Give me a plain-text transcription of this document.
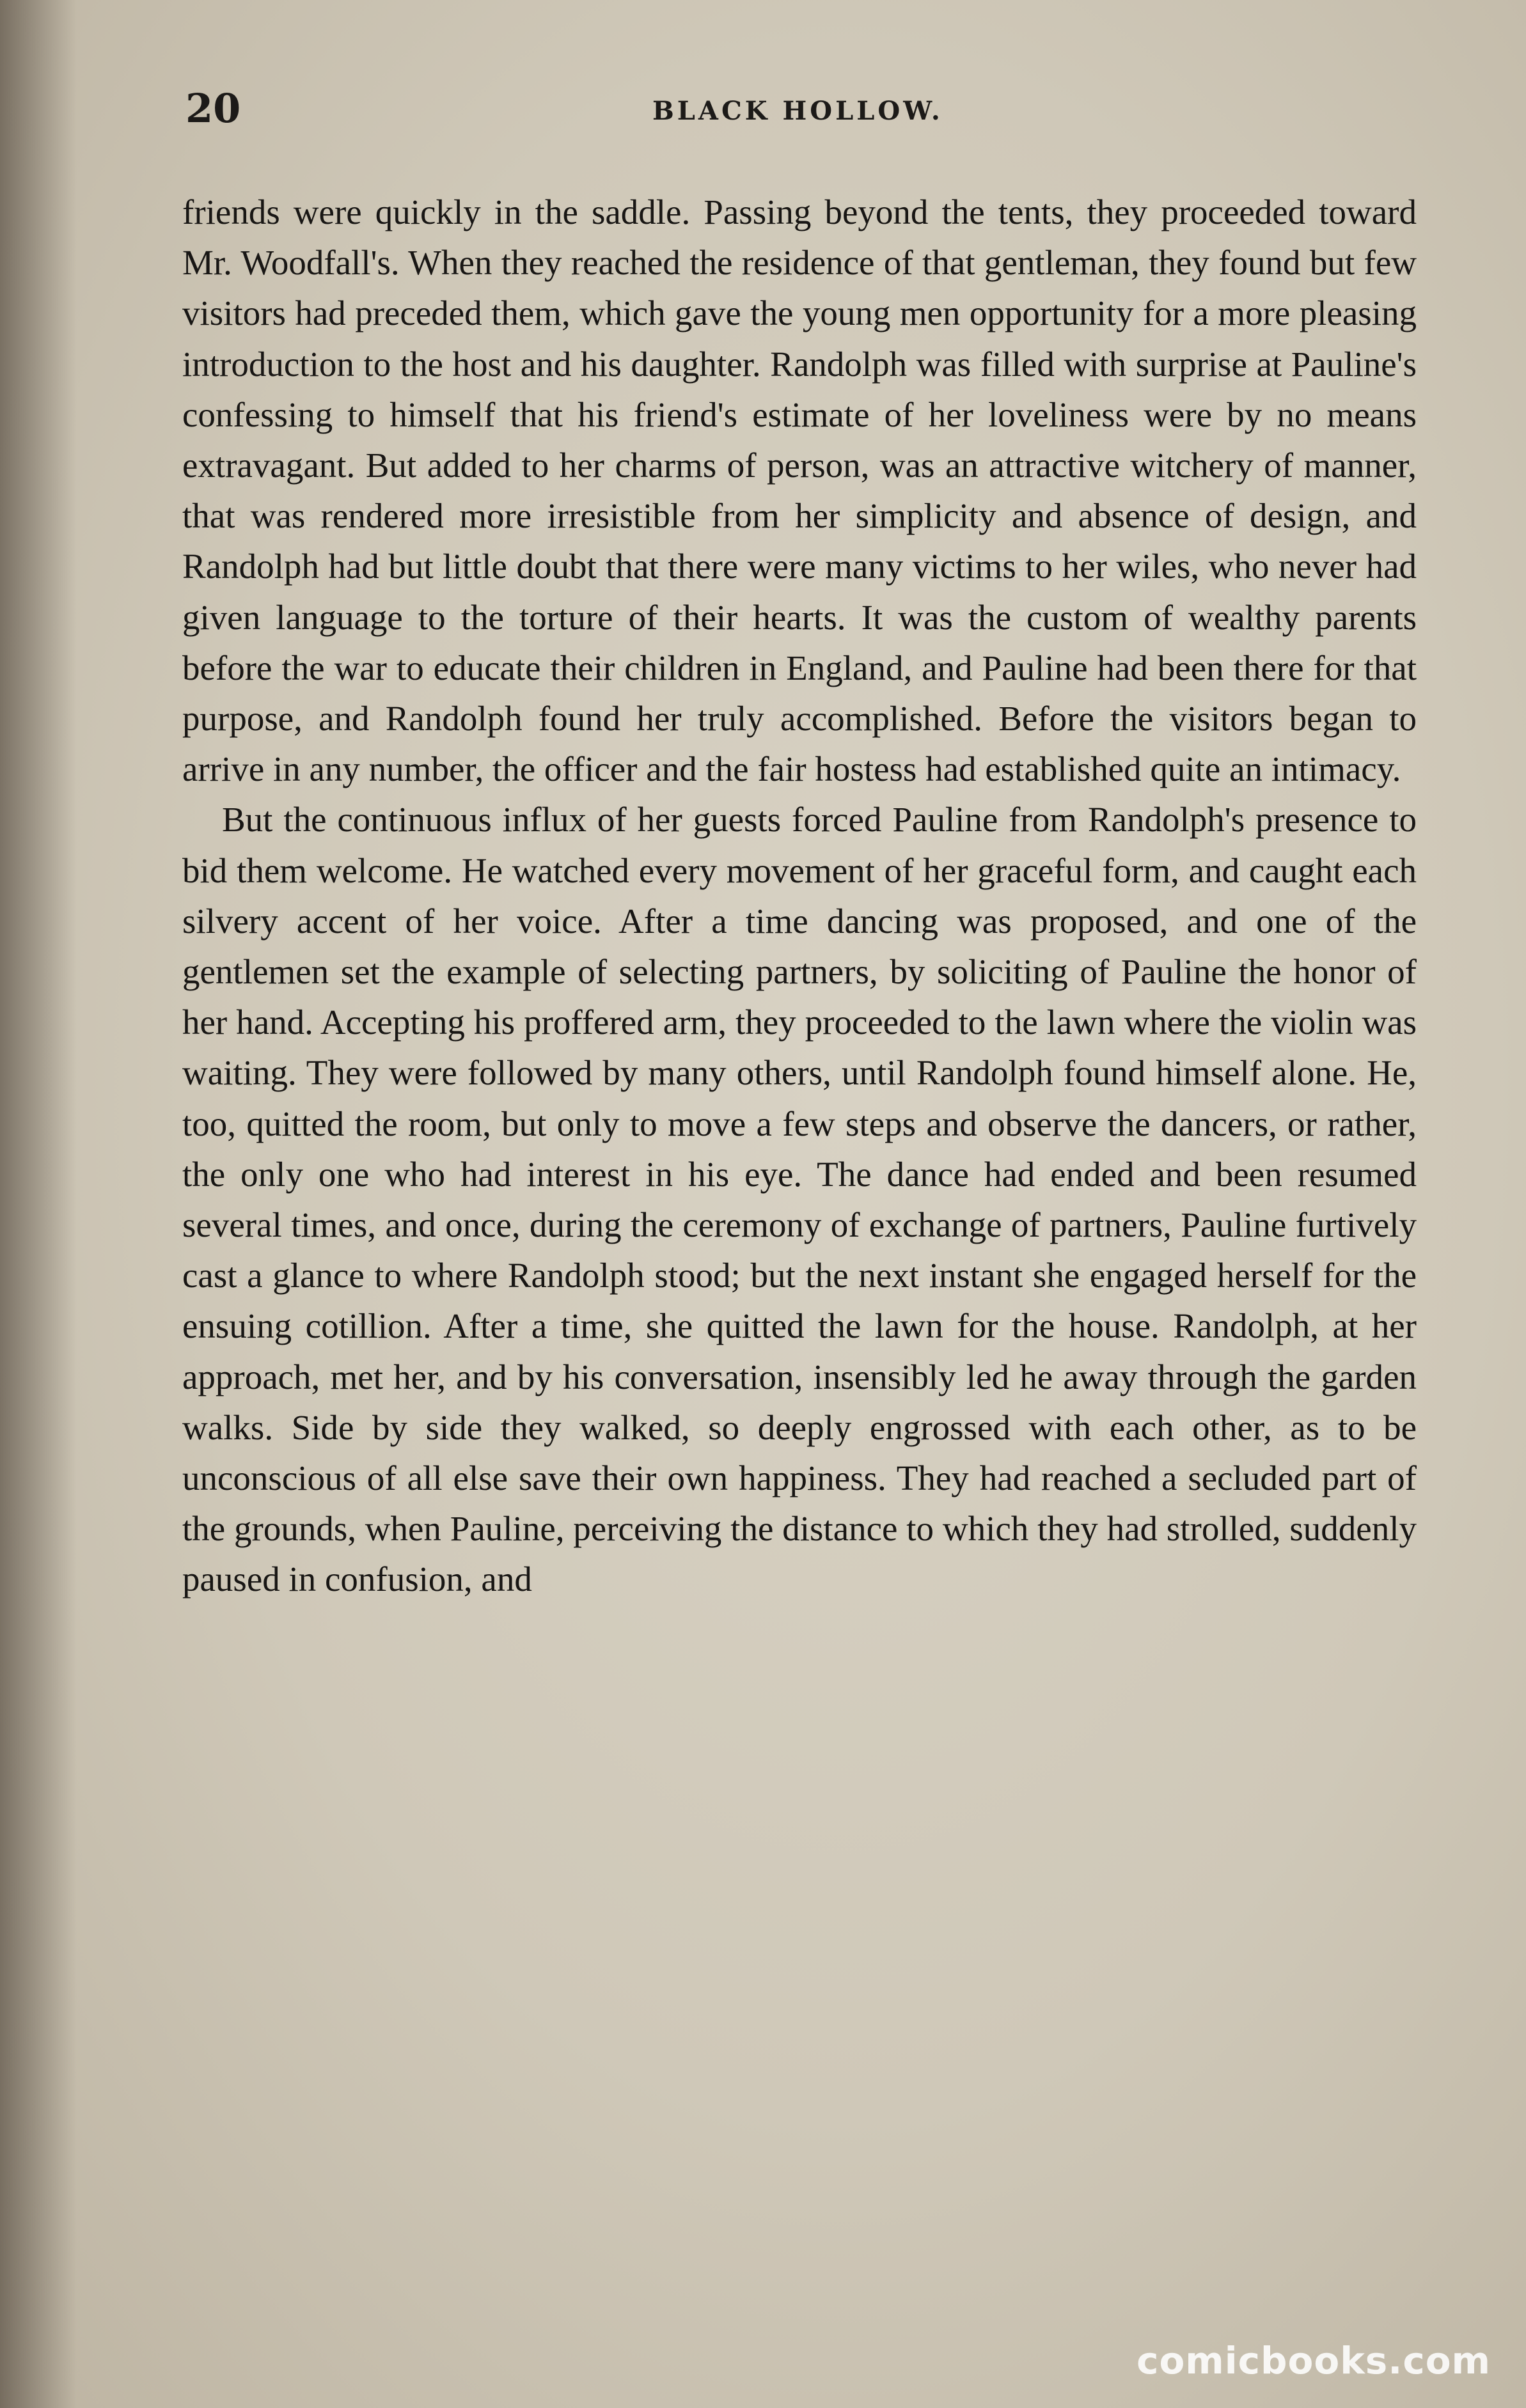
20	BLACK HOLLOW.

friends were quickly in the saddle. Passing beyond the tents, they proceeded toward Mr. Woodfall's. When they reached the residence of that gentleman, they found but few visitors had preceded them, which gave the young men opportunity for a more pleasing introduction to the host and his daughter. Randolph was filled with surprise at Pauline's confessing to himself that his friend's estimate of her loveliness were by no means extravagant. But added to her charms of person, was an attractive witchery of manner, that was rendered more irresistible from her simplicity and absence of design, and Randolph had but little doubt that there were many victims to her wiles, who never had given language to the torture of their hearts. It was the custom of wealthy parents before the war to educate their children in England, and Pauline had been there for that purpose, and Randolph found her truly accomplished. Before the visitors began to arrive in any number, the officer and the fair hostess had established quite an intimacy.

But the continuous influx of her guests forced Pauline from Randolph's presence to bid them welcome. He watched every movement of her graceful form, and caught each silvery accent of her voice. After a time dancing was proposed, and one of the gentlemen set the example of selecting partners, by soliciting of Pauline the honor of her hand. Accepting his proffered arm, they proceeded to the lawn where the violin was waiting. They were followed by many others, until Randolph found himself alone. He, too, quitted the room, but only to move a few steps and observe the dancers, or rather, the only one who had interest in his eye. The dance had ended and been resumed several times, and once, during the ceremony of exchange of partners, Pauline furtively cast a glance to where Randolph stood; but the next instant she engaged herself for the ensuing cotillion. After a time, she quitted the lawn for the house. Randolph, at her approach, met her, and by his conversation, insensibly led he away through the garden walks. Side by side they walked, so deeply engrossed with each other, as to be unconscious of all else save their own happiness. They had reached a secluded part of the grounds, when Pauline, perceiving the distance to which they had strolled, suddenly paused in confusion, and

comicbooks.com
